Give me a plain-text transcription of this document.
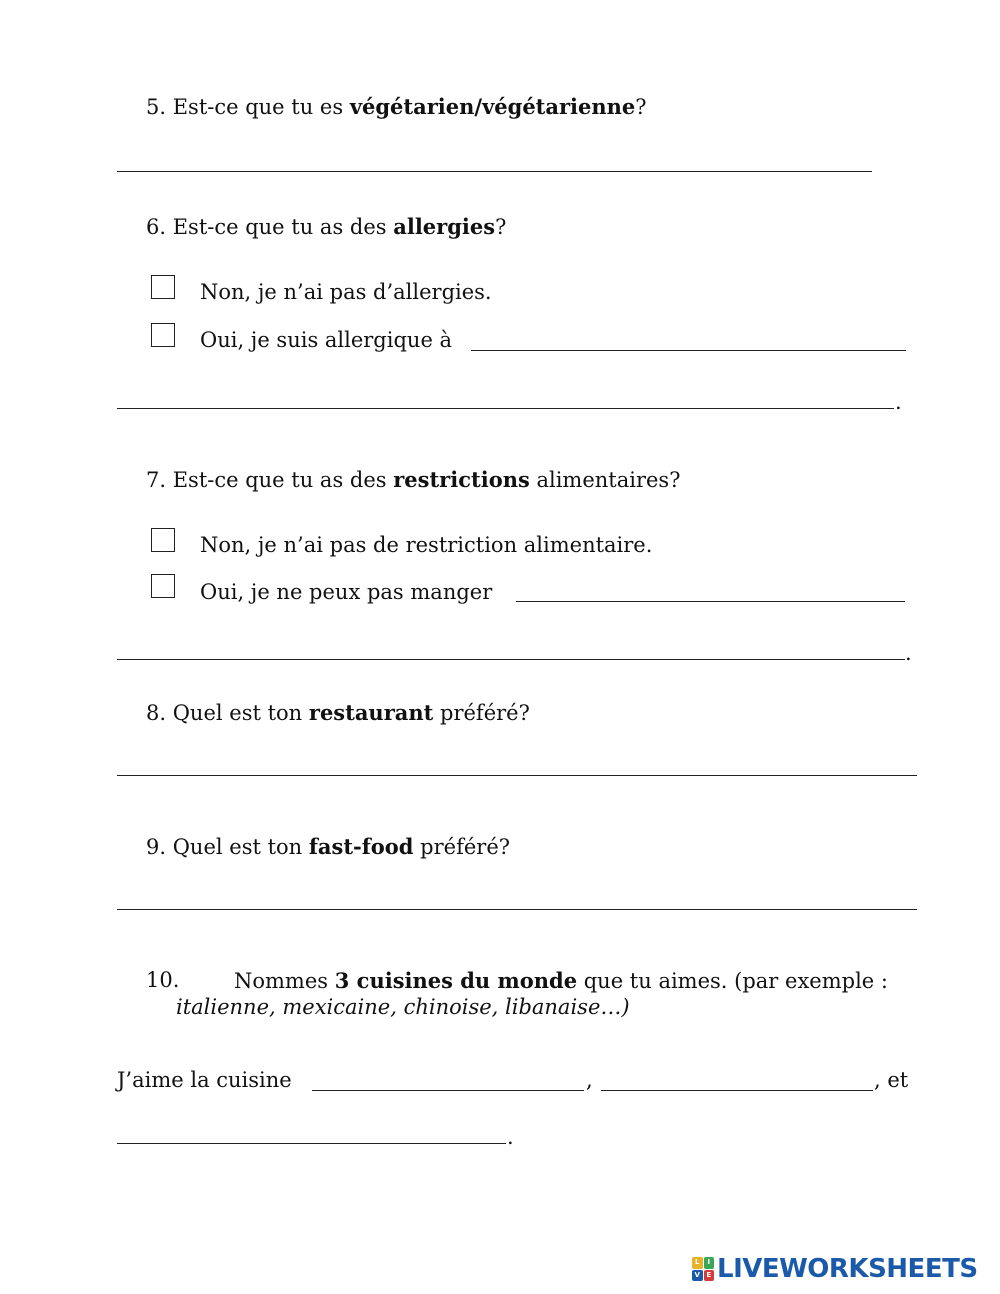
5. Est-ce que tu es végétarien/végétarienne?
6. Est-ce que tu as des allergies?
Non, je n’ai pas d’allergies.
Oui, je suis allergique à
.
7. Est-ce que tu as des restrictions alimentaires?
Non, je n’ai pas de restriction alimentaire.
Oui, je ne peux pas manger
.
8. Quel est ton restaurant préféré?
9. Quel est ton fast-food préféré?
10.	Nommes 3 cuisines du monde que tu aimes. (par exemple :
italienne, mexicaine, chinoise, libanaise…)
J’aime la cuisine	,	, et
.
L	I
V E LIVEWORKSHEETS
